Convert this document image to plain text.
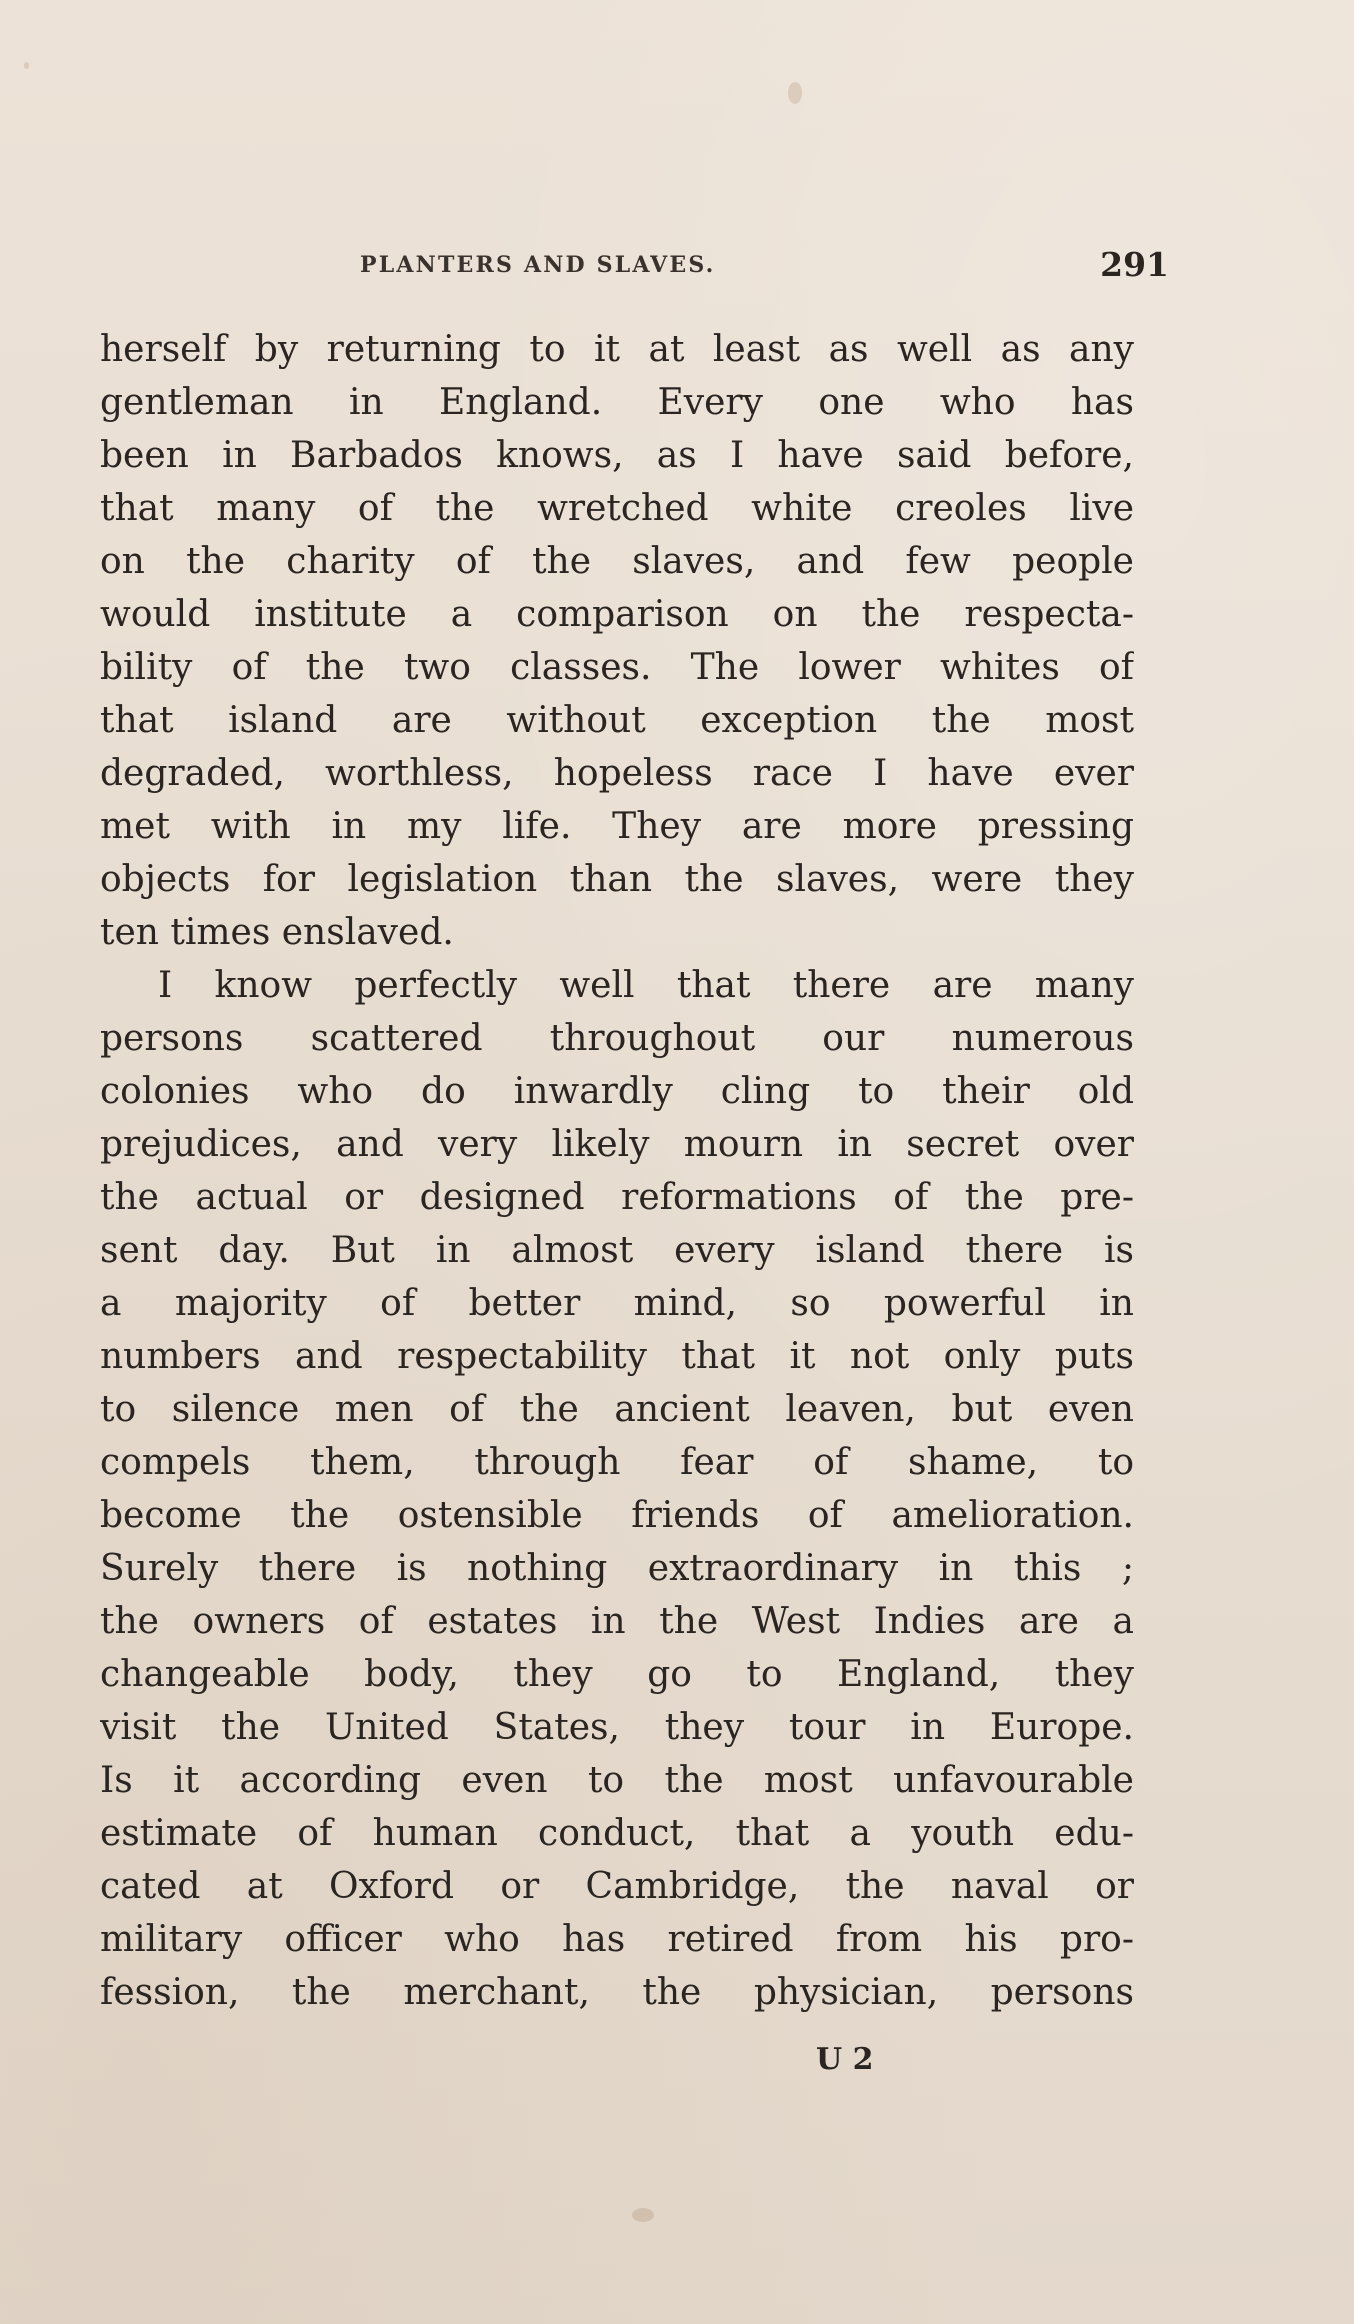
PLANTERS AND SLAVES.	291
herself by returning to it at least as well as any
gentleman in England. Every one who has
been in Barbados knows, as I have said before,
that many of the wretched white creoles live
on the charity of the slaves, and few people
would institute a comparison on the respecta-
bility of the two classes. The lower whites of
that island are without exception the most
degraded, worthless, hopeless race I have ever
met with in my life. They are more pressing
objects for legislation than the slaves, were they
ten times enslaved.
I know perfectly well that there are many
persons scattered throughout our numerous
colonies who do inwardly cling to their old
prejudices, and very likely mourn in secret over
the actual or designed reformations of the pre-
sent day. But in almost every island there is
a majority of better mind, so powerful in
numbers and respectability that it not only puts
to silence men of the ancient leaven, but even
compels them, through fear of shame, to
become the ostensible friends of amelioration.
Surely there is nothing extraordinary in this ;
the owners of estates in the West Indies are a
changeable body, they go to England, they
visit the United States, they tour in Europe.
Is it according even to the most unfavourable
estimate of human conduct, that a youth edu-
cated at Oxford or Cambridge, the naval or
military officer who has retired from his pro-
fession, the merchant, the physician, persons
U 2
